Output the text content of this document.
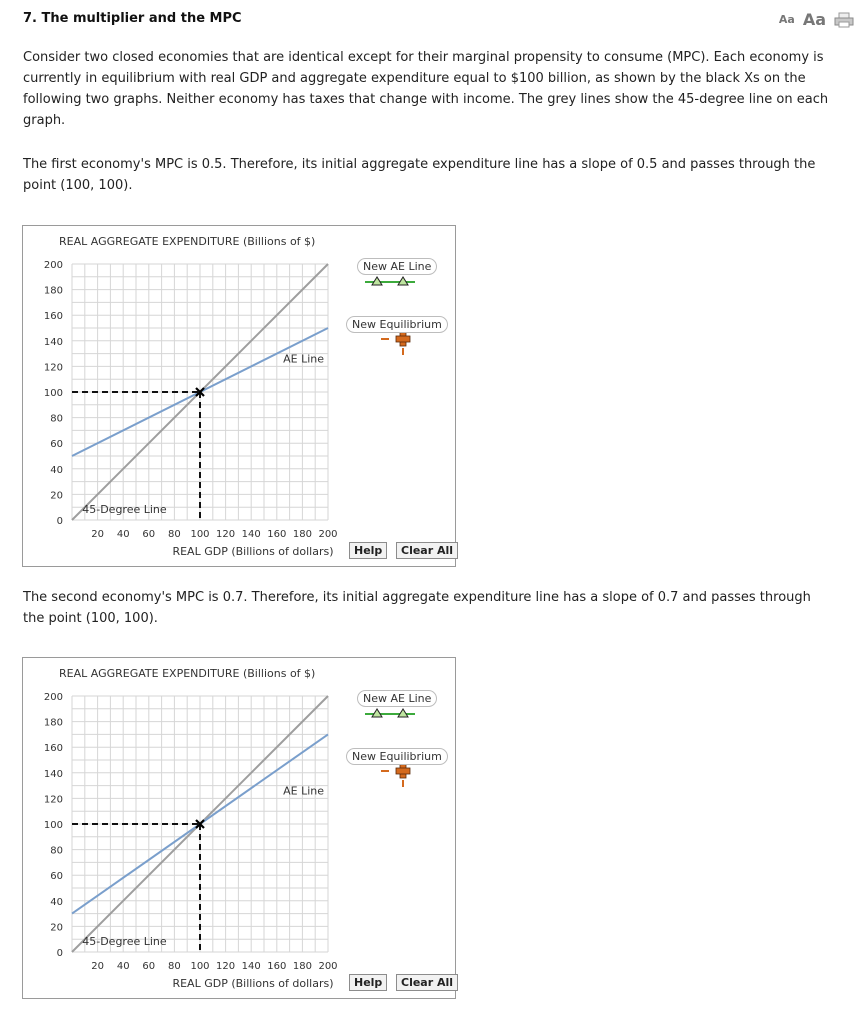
7. The multiplier and the MPC	Aa Aa
Consider two closed economies that are identical except for their marginal propensity to consume (MPC). Each economy is currently in equilibrium with real GDP and aggregate expenditure equal to $100 billion, as shown by the black Xs on the following two graphs. Neither economy has taxes that change with income. The grey lines show the 45-degree line on each graph.
The first economy's MPC is 0.5. Therefore, its initial aggregate expenditure line has a slope of 0.5 and passes through the point (100, 100).
REAL AGGREGATE EXPENDITURE (Billions of $)
0
20
40
60
80
100
120
140
160
180
200
20 40 60 80 100 120 140 160 180 200
REAL GDP (Billions of dollars)
45-Degree Line
AE Line
New AE Line
New Equilibrium
Help	Clear All
The second economy's MPC is 0.7. Therefore, its initial aggregate expenditure line has a slope of 0.7 and passes through the point (100, 100).
REAL AGGREGATE EXPENDITURE (Billions of $)
0
20
40
60
80
100
120
140
160
180
200
20 40 60 80 100 120 140 160 180 200
REAL GDP (Billions of dollars)
45-Degree Line
AE Line
New AE Line
New Equilibrium
Help	Clear All
